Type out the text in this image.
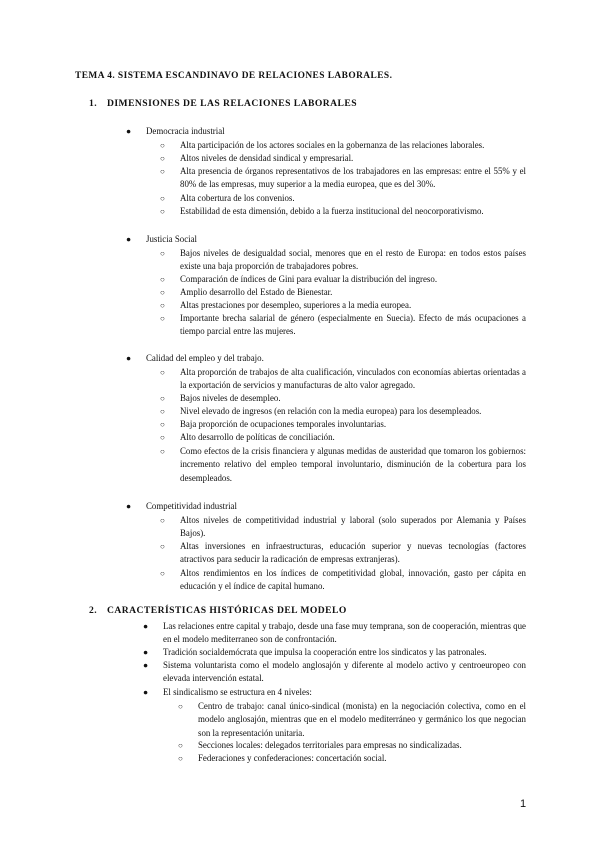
TEMA 4. SISTEMA ESCANDINAVO DE RELACIONES LABORALES.
1. DIMENSIONES DE LAS RELACIONES LABORALES
● Democracia industrial
○ Alta participación de los actores sociales en la gobernanza de las relaciones laborales.
○ Altos niveles de densidad sindical y empresarial.
○ Alta presencia de órganos representativos de los trabajadores en las empresas: entre el 55% y el 80% de las empresas, muy superior a la media europea, que es del 30%.
○ Alta cobertura de los convenios.
○ Estabilidad de esta dimensión, debido a la fuerza institucional del neocorporativismo.
● Justicia Social
○ Bajos niveles de desigualdad social, menores que en el resto de Europa: en todos estos países existe una baja proporción de trabajadores pobres.
○ Comparación de índices de Gini para evaluar la distribución del ingreso.
○ Amplio desarrollo del Estado de Bienestar.
○ Altas prestaciones por desempleo, superiores a la media europea.
○ Importante brecha salarial de género (especialmente en Suecia). Efecto de más ocupaciones a tiempo parcial entre las mujeres.
● Calidad del empleo y del trabajo.
○ Alta proporción de trabajos de alta cualificación, vinculados con economías abiertas orientadas a la exportación de servicios y manufacturas de alto valor agregado.
○ Bajos niveles de desempleo.
○ Nivel elevado de ingresos (en relación con la media europea) para los desempleados.
○ Baja proporción de ocupaciones temporales involuntarias.
○ Alto desarrollo de políticas de conciliación.
○ Como efectos de la crisis financiera y algunas medidas de austeridad que tomaron los gobiernos: incremento relativo del empleo temporal involuntario, disminución de la cobertura para los desempleados.
● Competitividad industrial
○ Altos niveles de competitividad industrial y laboral (solo superados por Alemania y Países Bajos).
○ Altas inversiones en infraestructuras, educación superior y nuevas tecnologías (factores atractivos para seducir la radicación de empresas extranjeras).
○ Altos rendimientos en los índices de competitividad global, innovación, gasto per cápita en educación y el índice de capital humano.
2. CARACTERÍSTICAS HISTÓRICAS DEL MODELO
● Las relaciones entre capital y trabajo, desde una fase muy temprana, son de cooperación, mientras que en el modelo mediterraneo son de confrontación.
● Tradición socialdemócrata que impulsa la cooperación entre los sindicatos y las patronales.
● Sistema voluntarista como el modelo anglosajón y diferente al modelo activo y centroeuropeo con elevada intervención estatal.
● El sindicalismo se estructura en 4 niveles:
○ Centro de trabajo: canal único-sindical (monista) en la negociación colectiva, como en el modelo anglosajón, mientras que en el modelo mediterráneo y germánico los que negocian son la representación unitaria.
○ Secciones locales: delegados territoriales para empresas no sindicalizadas.
○ Federaciones y confederaciones: concertación social.
1
